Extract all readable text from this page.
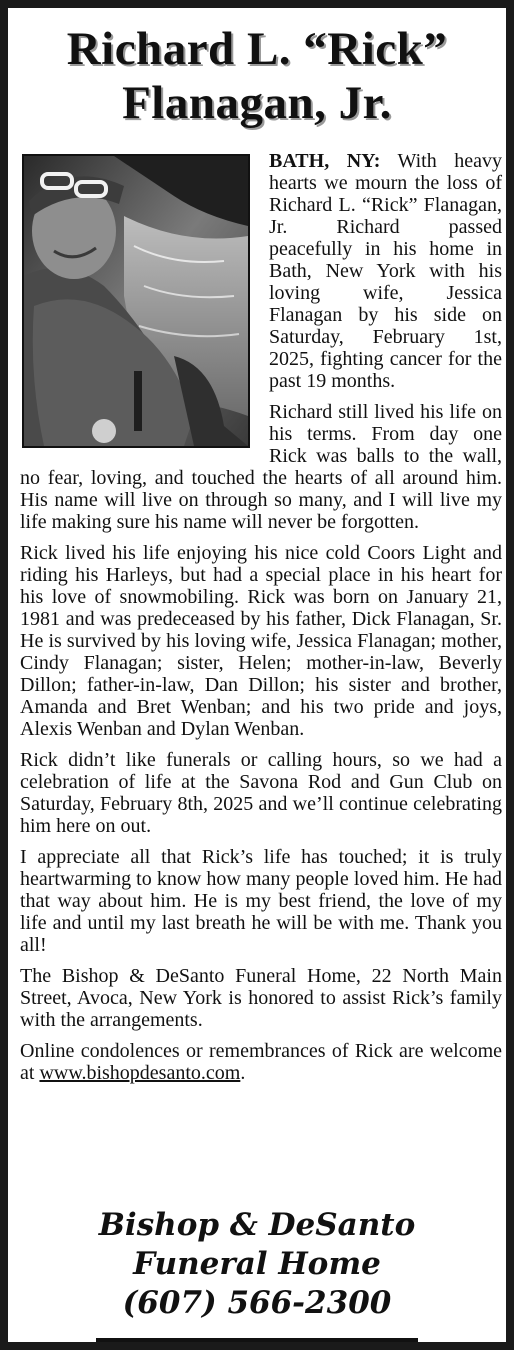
Richard L. “Rick”
Flanagan, Jr.

BATH, NY: With heavy hearts we mourn the loss of Richard L. “Rick” Flanagan, Jr. Richard passed peacefully in his home in Bath, New York with his loving wife, Jessica Flanagan by his side on Saturday, February 1st, 2025, fighting cancer for the past 19 months.

Richard still lived his life on his terms. From day one Rick was balls to the wall, no fear, loving, and touched the hearts of all around him. His name will live on through so many, and I will live my life making sure his name will never be forgotten.

Rick lived his life enjoying his nice cold Coors Light and riding his Harleys, but had a special place in his heart for his love of snowmobiling. Rick was born on January 21, 1981 and was predeceased by his father, Dick Flanagan, Sr. He is survived by his loving wife, Jessica Flanagan; mother, Cindy Flanagan; sister, Helen; mother-in-law, Beverly Dillon; father-in-law, Dan Dillon; his sister and brother, Amanda and Bret Wenban; and his two pride and joys, Alexis Wenban and Dylan Wenban.

Rick didn’t like funerals or calling hours, so we had a celebration of life at the Savona Rod and Gun Club on Saturday, February 8th, 2025 and we’ll continue celebrating him here on out.

I appreciate all that Rick’s life has touched; it is truly heartwarming to know how many people loved him. He had that way about him. He is my best friend, the love of my life and until my last breath he will be with me. Thank you all!

The Bishop & DeSanto Funeral Home, 22 North Main Street, Avoca, New York is honored to assist Rick’s family with the arrangements.

Online condolences or remembrances of Rick are welcome at www.bishopdesanto.com.

Bishop & DeSanto
Funeral Home
(607) 566-2300
